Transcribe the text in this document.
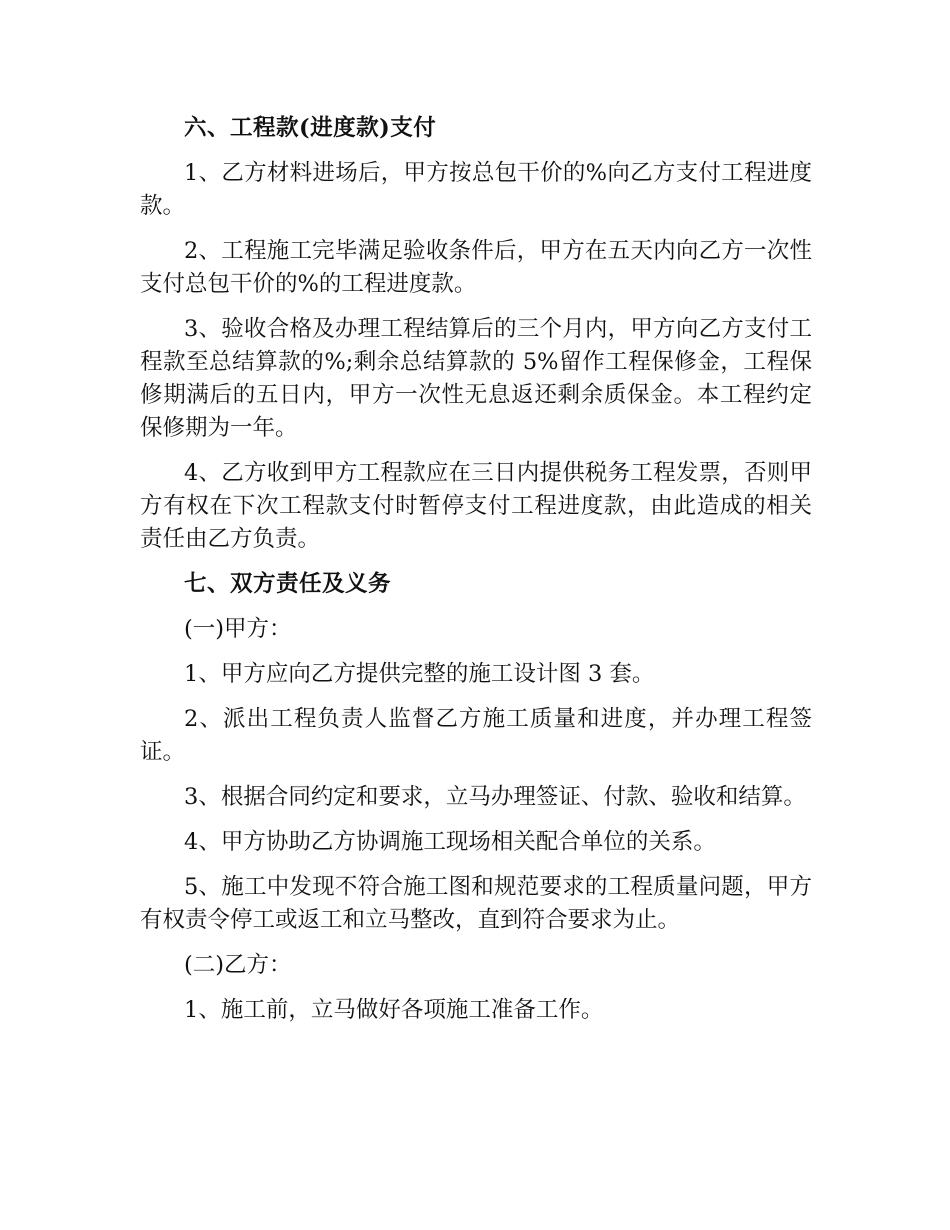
六、工程款(进度款)支付

1、乙方材料进场后，甲方按总包干价的%向乙方支付工程进度款。

2、工程施工完毕满足验收条件后，甲方在五天内向乙方一次性支付总包干价的%的工程进度款。

3、验收合格及办理工程结算后的三个月内，甲方向乙方支付工程款至总结算款的%;剩余总结算款的 5%留作工程保修金，工程保修期满后的五日内，甲方一次性无息返还剩余质保金。本工程约定保修期为一年。

4、乙方收到甲方工程款应在三日内提供税务工程发票，否则甲方有权在下次工程款支付时暂停支付工程进度款，由此造成的相关责任由乙方负责。

七、双方责任及义务

(一)甲方：

1、甲方应向乙方提供完整的施工设计图 3 套。

2、派出工程负责人监督乙方施工质量和进度，并办理工程签证。

3、根据合同约定和要求，立马办理签证、付款、验收和结算。

4、甲方协助乙方协调施工现场相关配合单位的关系。

5、施工中发现不符合施工图和规范要求的工程质量问题，甲方有权责令停工或返工和立马整改，直到符合要求为止。

(二)乙方：

1、施工前，立马做好各项施工准备工作。
